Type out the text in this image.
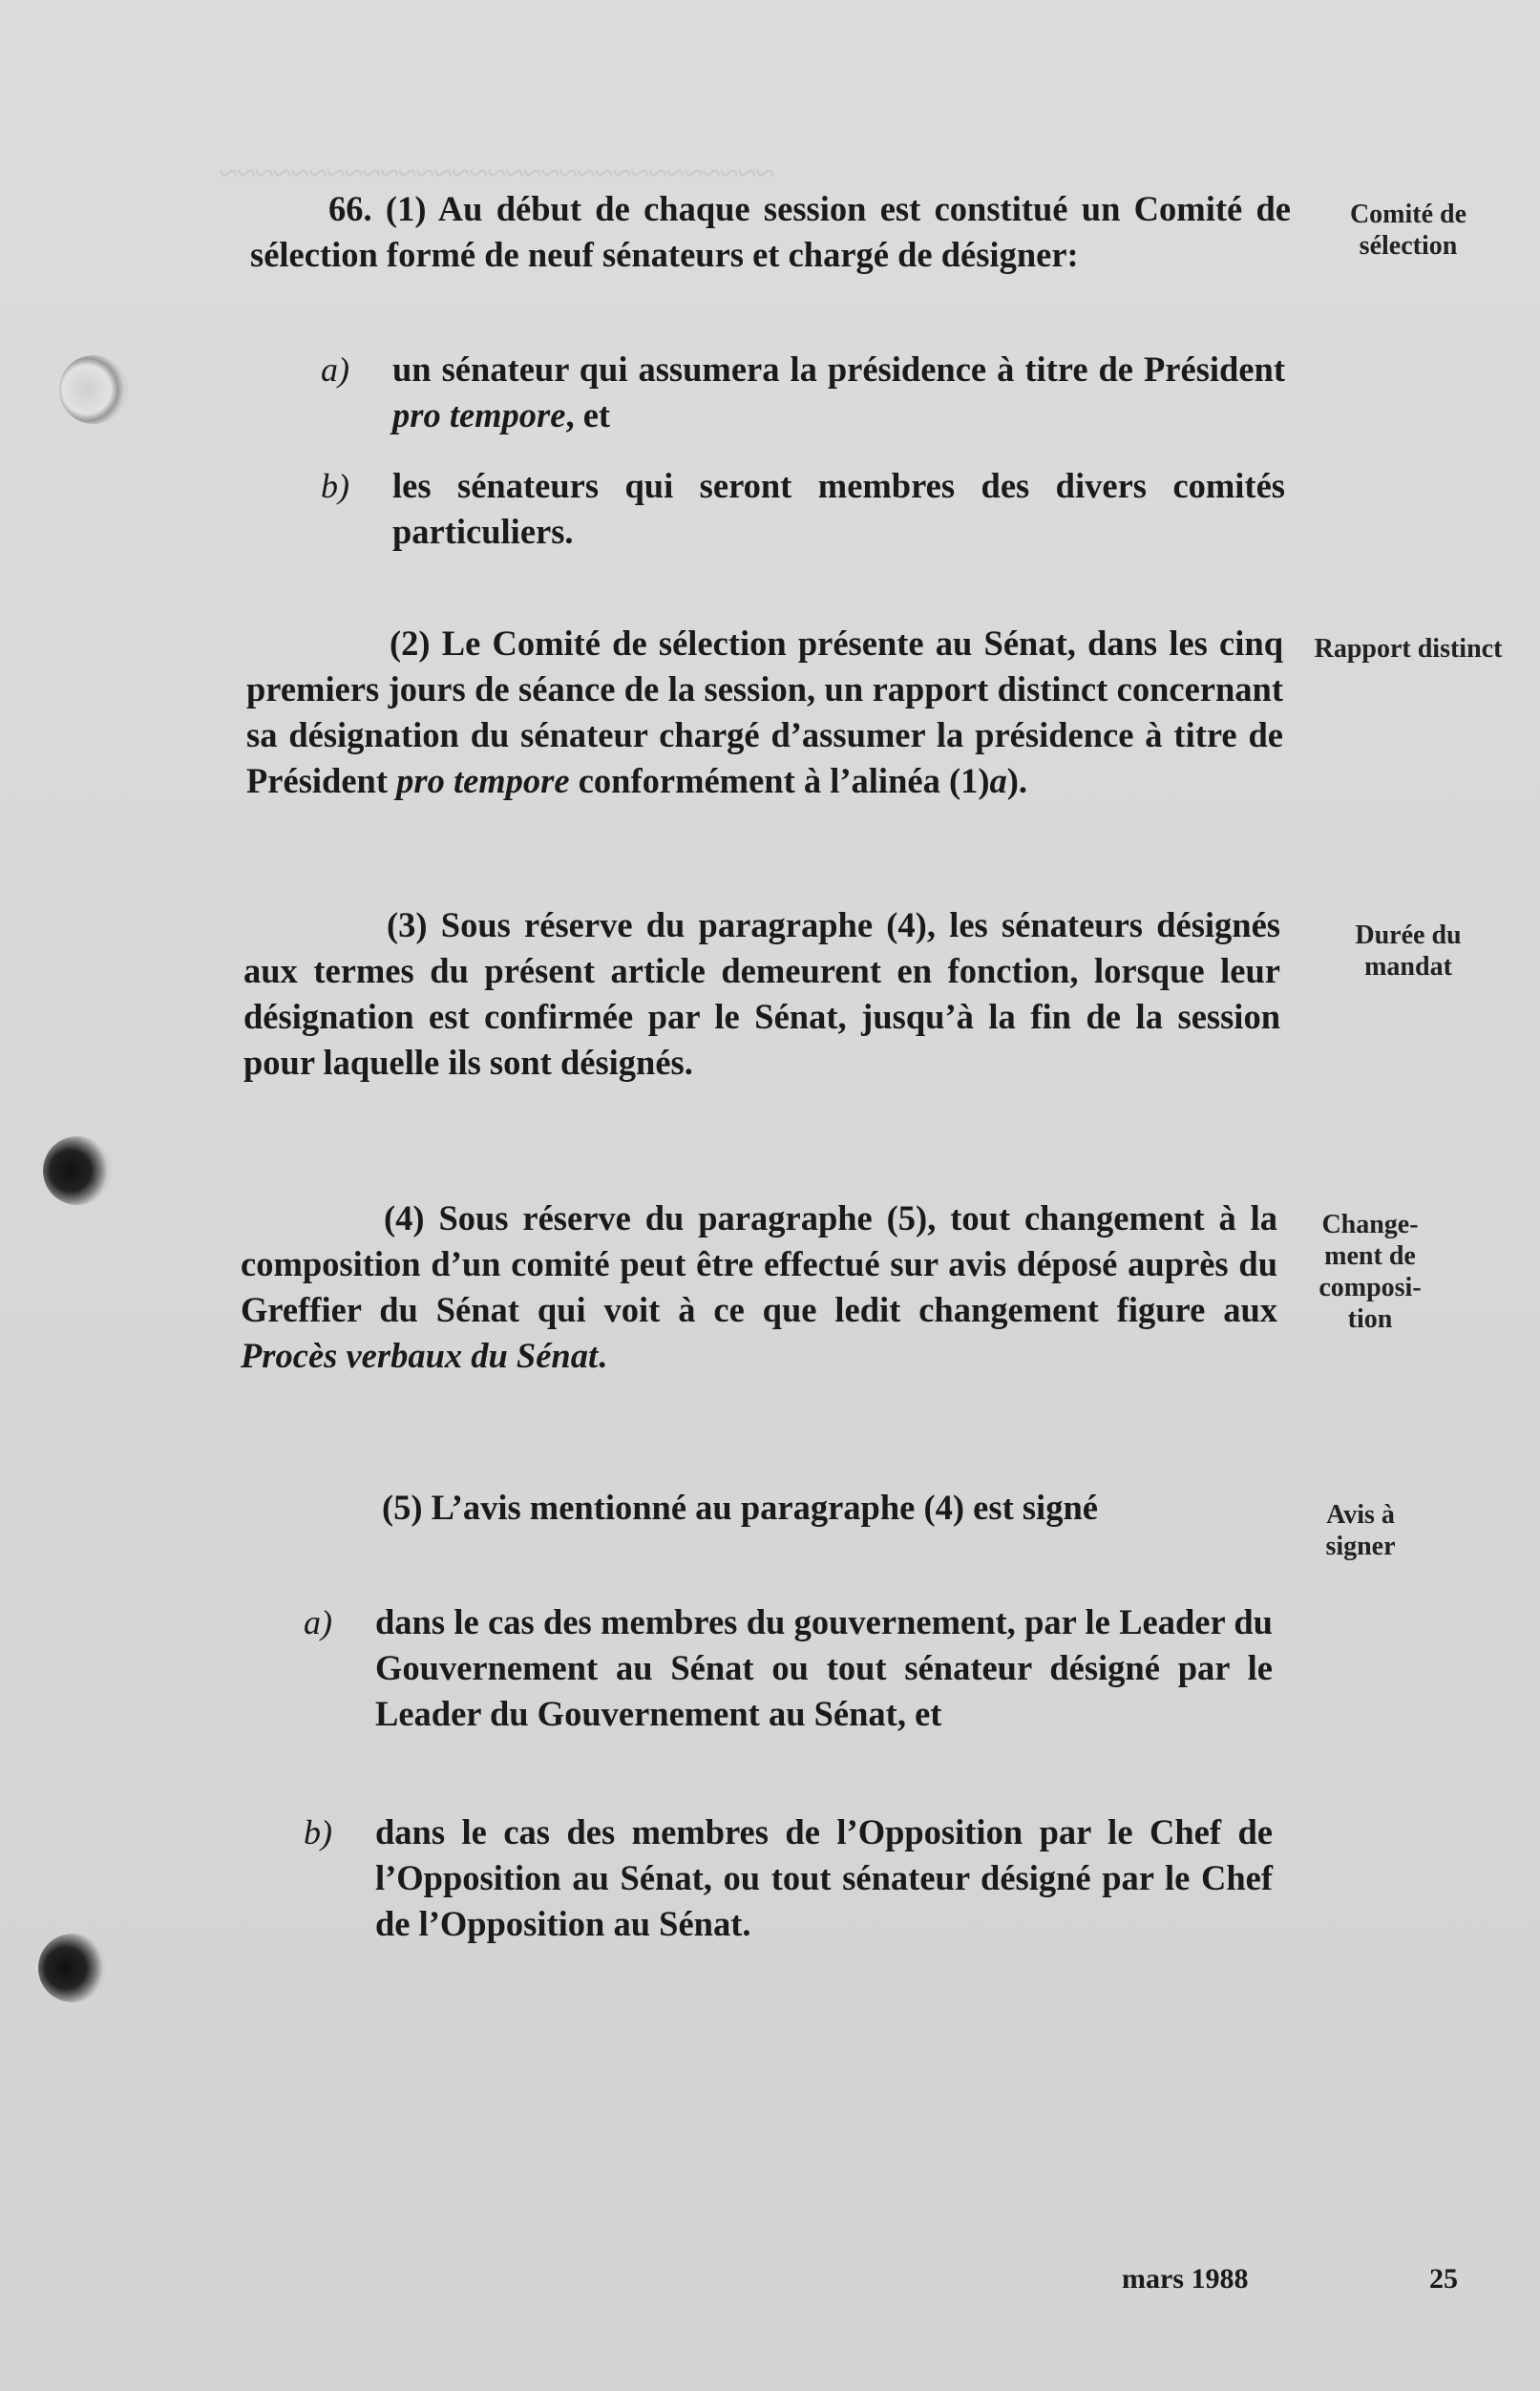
~~~~~~~~~~~~~~~~~~~~~~~~~~~~~~~
66. (1) Au début de chaque session est constitué un Comité de sélection formé de neuf sénateurs et chargé de désigner:
a) un sénateur qui assumera la présidence à titre de Président pro tempore, et
b) les sénateurs qui seront membres des divers comités particuliers.
(2) Le Comité de sélection présente au Sénat, dans les cinq premiers jours de séance de la session, un rapport distinct concernant sa désignation du sénateur chargé d’assumer la présidence à titre de Président pro tempore conformément à l’alinéa (1)a).
(3) Sous réserve du paragraphe (4), les sénateurs désignés aux termes du présent article demeurent en fonction, lorsque leur désignation est confirmée par le Sénat, jusqu’à la fin de la session pour laquelle ils sont désignés.
(4) Sous réserve du paragraphe (5), tout changement à la composition d’un comité peut être effectué sur avis déposé auprès du Greffier du Sénat qui voit à ce que ledit changement figure aux Procès verbaux du Sénat.
(5) L’avis mentionné au paragraphe (4) est signé
a) dans le cas des membres du gouvernement, par le Leader du Gouvernement au Sénat ou tout sénateur désigné par le Leader du Gouvernement au Sénat, et
b) dans le cas des membres de l’Opposition par le Chef de l’Opposition au Sénat, ou tout sénateur désigné par le Chef de l’Opposition au Sénat.
Comité de sélection
Rapport distinct
Durée du mandat
Change-ment de composi-tion
Avis à signer
mars 1988	25
